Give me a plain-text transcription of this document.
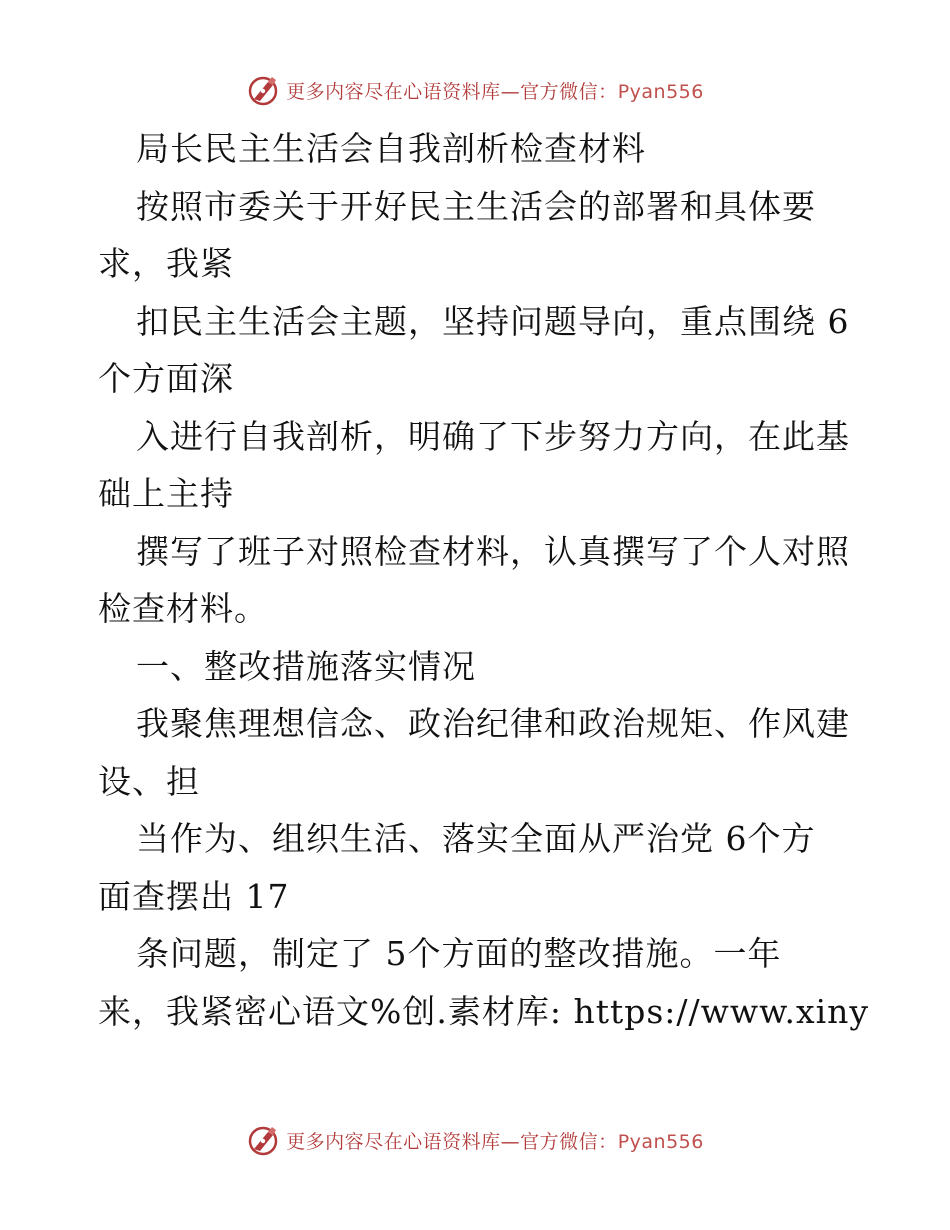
更多内容尽在心语资料库—官方微信：Pyan556
局长民主生活会自我剖析检查材料
按照市委关于开好民主生活会的部署和具体要
求，我紧
扣民主生活会主题，坚持问题导向，重点围绕 6
个方面深
入进行自我剖析，明确了下步努力方向，在此基
础上主持
撰写了班子对照检查材料，认真撰写了个人对照
检查材料。
一、整改措施落实情况
我聚焦理想信念、政治纪律和政治规矩、作风建
设、担
当作为、组织生活、落实全面从严治党 6个方
面查摆出 17
条问题，制定了 5个方面的整改措施。一年
来，我紧密心语文%创.素材库: https://www.xiny
更多内容尽在心语资料库—官方微信：Pyan556
